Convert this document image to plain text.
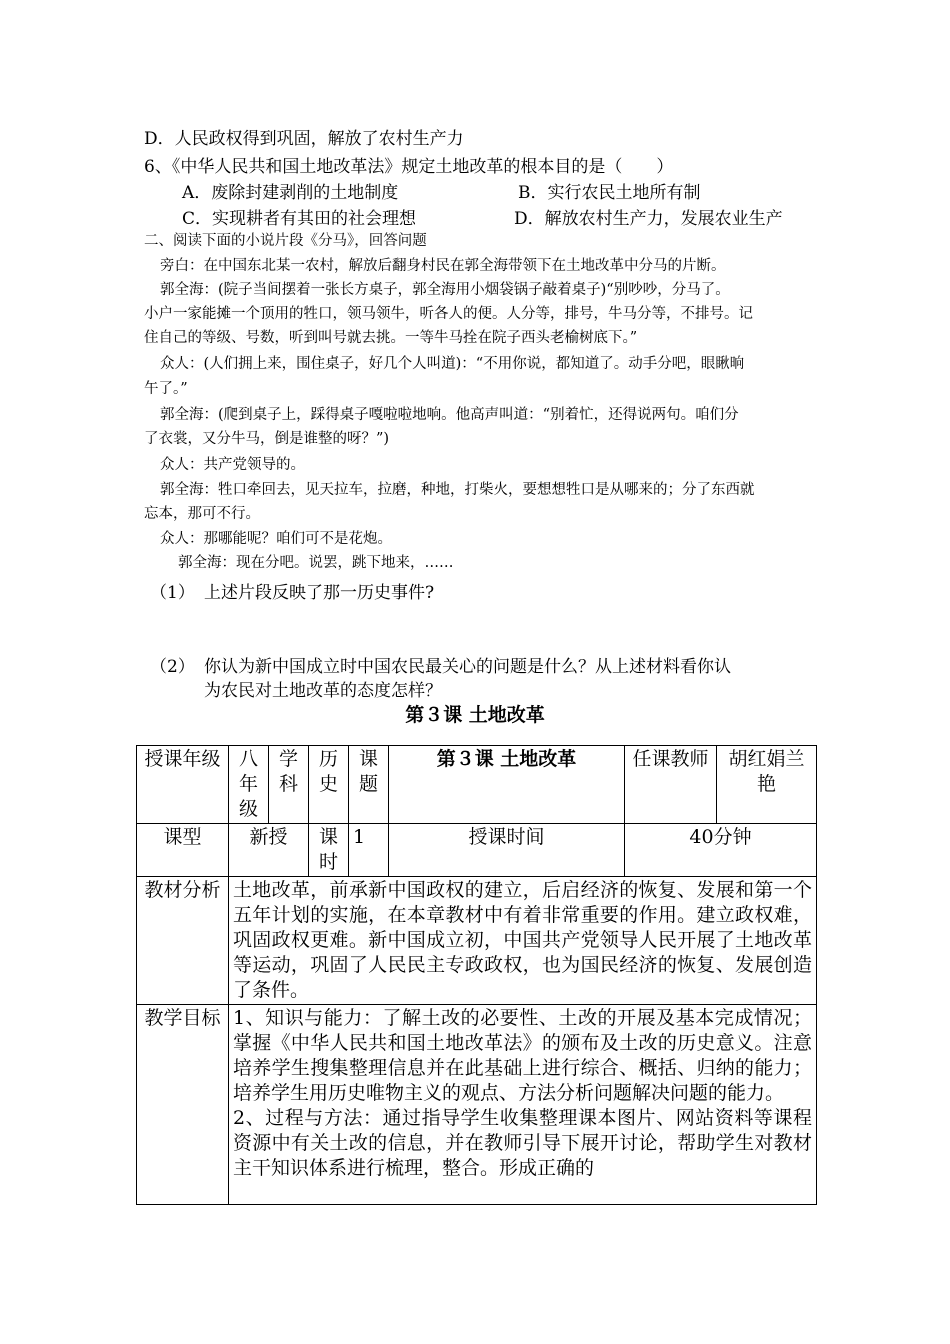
D．人民政权得到巩固，解放了农村生产力
6、《中华人民共和国土地改革法》规定土地改革的根本目的是（　　）
A．废除封建剥削的土地制度	B．实行农民土地所有制
C．实现耕者有其田的社会理想	D．解放农村生产力，发展农业生产
二、阅读下面的小说片段《分马》，回答问题
旁白：在中国东北某一农村，解放后翻身村民在郭全海带领下在土地改革中分马的片断。
郭全海：(院子当间摆着一张长方桌子，郭全海用小烟袋锅子敲着桌子)“别吵吵，分马了。
小户一家能摊一个顶用的牲口，领马领牛，听各人的便。人分等，排号，牛马分等，不排号。记
住自己的等级、号数，听到叫号就去挑。一等牛马拴在院子西头老榆树底下。”
众人：(人们拥上来，围住桌子，好几个人叫道)：“不用你说，都知道了。动手分吧，眼瞅晌
午了。”
郭全海：(爬到桌子上，踩得桌子嘎啦啦地响。他高声叫道：“别着忙，还得说两句。咱们分
了衣裳，又分牛马，倒是谁整的呀？”)
众人：共产党领导的。
郭全海：牲口牵回去，见天拉车，拉磨，种地，打柴火，要想想牲口是从哪来的；分了东西就
忘本，那可不行。
众人：那哪能呢？咱们可不是花炮。
郭全海：现在分吧。说罢，跳下地来，……
（1） 上述片段反映了那一历史事件?
（2） 你认为新中国成立时中国农民最关心的问题是什么？从上述材料看你认
为农民对土地改革的态度怎样？
第３课 土地改革
授课年级	八年级	学科	历史	课题	第３课 土地改革	任课教师	胡红娟兰艳
课型	新授		课时	1	授课时间	40分钟	
教材分析	土地改革，前承新中国政权的建立，后启经济的恢复、发展和第一个五年计划的实施，在本章教材中有着非常重要的作用。建立政权难，巩固政权更难。新中国成立初，中国共产党领导人民开展了土地改革等运动，巩固了人民民主专政政权，也为国民经济的恢复、发展创造了条件。						
教学目标	1、知识与能力：了解土改的必要性、土改的开展及基本完成情况；掌握《中华人民共和国土地改革法》的颁布及土改的历史意义。注意培养学生搜集整理信息并在此基础上进行综合、概括、归纳的能力；培养学生用历史唯物主义的观点、方法分析问题解决问题的能力。
2、过程与方法：通过指导学生收集整理课本图片、网站资料等课程资源中有关土改的信息，并在教师引导下展开讨论，帮助学生对教材主干知识体系进行梳理，整合。形成正确的						
